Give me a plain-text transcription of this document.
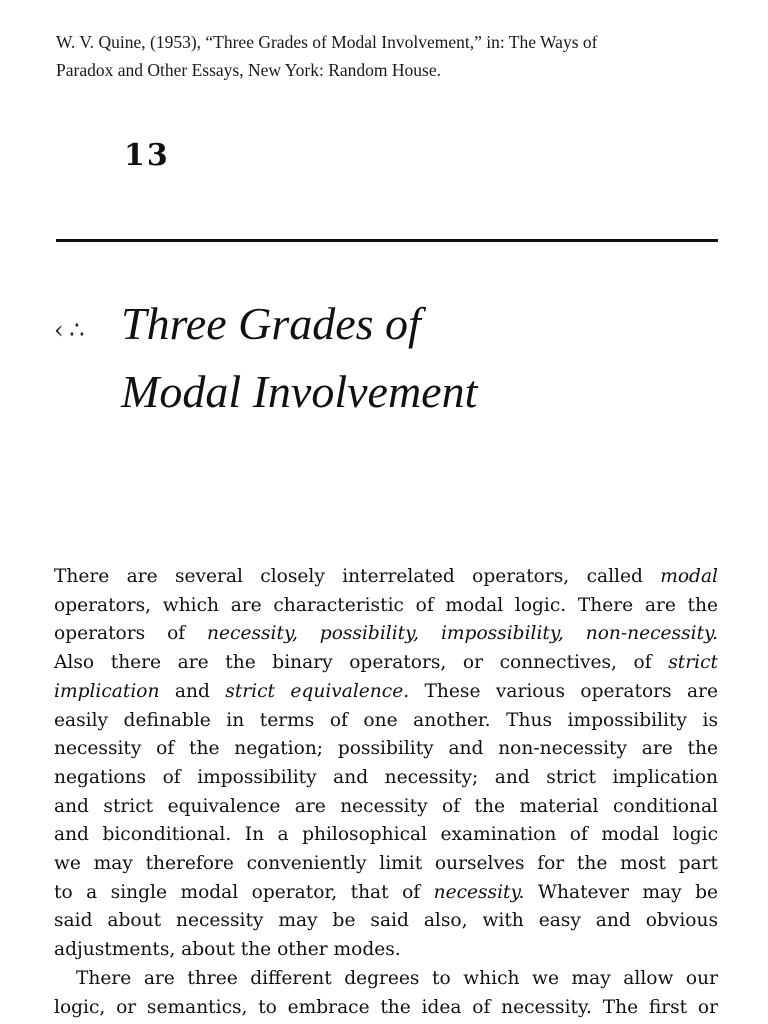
W. V. Quine, (1953), “Three Grades of Modal Involvement,” in: The Ways of
Paradox and Other Essays, New York: Random House.
13
‹ ∴ Three Grades of
Modal Involvement
There are several closely interrelated operators, called modal
operators, which are characteristic of modal logic. There are the
operators of necessity, possibility, impossibility, non-necessity.
Also there are the binary operators, or connectives, of strict
implication and strict equivalence. These various operators are
easily definable in terms of one another. Thus impossibility is
necessity of the negation; possibility and non-necessity are the
negations of impossibility and necessity; and strict implication
and strict equivalence are necessity of the material conditional
and biconditional. In a philosophical examination of modal logic
we may therefore conveniently limit ourselves for the most part
to a single modal operator, that of necessity. Whatever may be
said about necessity may be said also, with easy and obvious
adjustments, about the other modes.
There are three different degrees to which we may allow our
logic, or semantics, to embrace the idea of necessity. The first or
